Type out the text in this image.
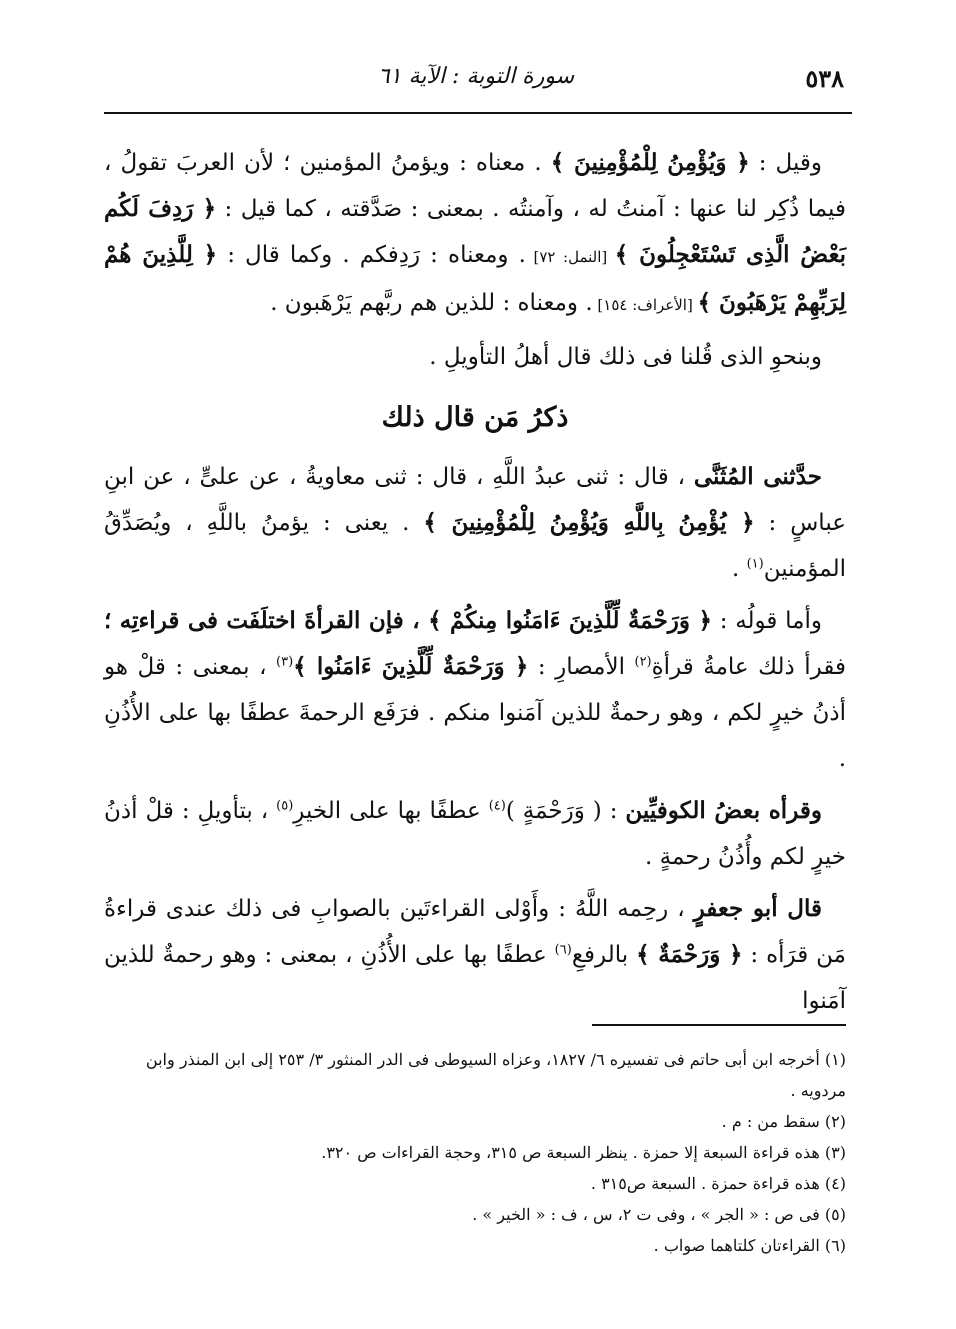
٥٣٨
سورة التوبة : الآية ٦١

وقيل : ﴿ وَيُؤْمِنُ لِلْمُؤْمِنِينَ ﴾ . معناه : ويؤمنُ المؤمنين ؛ لأن العربَ تقولُ ، فيما ذُكِر لنا عنها : آمنتُ له ، وآمنتُه . بمعنى : صَدَّقته ، كما قيل : ﴿ رَدِفَ لَكُم بَعْضُ الَّذِى تَسْتَعْجِلُونَ ﴾ [النمل: ٧٢] . ومعناه : رَدِفكم . وكما قال : ﴿ لِلَّذِينَ هُمْ لِرَبِّهِمْ يَرْهَبُونَ ﴾ [الأعراف: ١٥٤] . ومعناه : للذين هم ربَّهم يَرْهَبون .

وبنحوِ الذى قُلنا فى ذلك قال أهلُ التأويلِ .

ذكرُ مَن قال ذلك

حدَّثنى المُثَنَّى ، قال : ثنى عبدُ اللَّهِ ، قال : ثنى معاويةُ ، عن علىٍّ ، عن ابنِ عباسٍ : ﴿ يُؤْمِنُ بِاللَّهِ وَيُؤْمِنُ لِلْمُؤْمِنِينَ ﴾ . يعنى : يؤمنُ باللَّهِ ، ويُصَدِّقُ المؤمنين$^{(١)}$ .

وأما قولُه : ﴿ وَرَحْمَةٌ لِّلَّذِينَ ءَامَنُوا مِنكُمْ ﴾ ، فإن القرأةَ اختلَفَت فى قراءتِه ؛ فقرأ ذلك عامةُ قرأةِ$^{(٢)}$ الأمصارِ : ﴿ وَرَحْمَةٌ لِّلَّذِينَ ءَامَنُوا ﴾$^{(٣)}$ ، بمعنى : قلْ هو أذنُ خيرٍ لكم ، وهو رحمةٌ للذين آمَنوا منكم . فرَفَع الرحمةَ عطفًا بها على الأُذُنِ .

وقرأه بعضُ الكوفيِّين : ( وَرَحْمَةٍ )$^{(٤)}$ عطفًا بها على الخيرِ$^{(٥)}$ ، بتأويلِ : قلْ أذنُ خيرٍ لكم وأُذُنُ رحمةٍ .

قال أبو جعفرٍ ، رحِمه اللَّهُ : وأَوْلى القراءتَين بالصوابِ فى ذلك عندى قراءةُ مَن قرَأه : ﴿ وَرَحْمَةٌ ﴾ بالرفعِ$^{(٦)}$ عطفًا بها على الأُذُنِ ، بمعنى : وهو رحمةٌ للذين آمَنوا

(١) أخرجه ابن أبى حاتم فى تفسيره ٦/ ١٨٢٧، وعزاه السيوطى فى الدر المنثور ٣/ ٢٥٣ إلى ابن المنذر وابن مردويه .
(٢) سقط من : م .
(٣) هذه قراءة السبعة إلا حمزة . ينظر السبعة ص ٣١٥، وحجة القراءات ص ٣٢٠.
(٤) هذه قراءة حمزة . السبعة ص٣١٥ .
(٥) فى ص : « الجر » ، وفى ت ٢، س ، ف : « الخير » .
(٦) القراءتان كلتاهما صواب .
